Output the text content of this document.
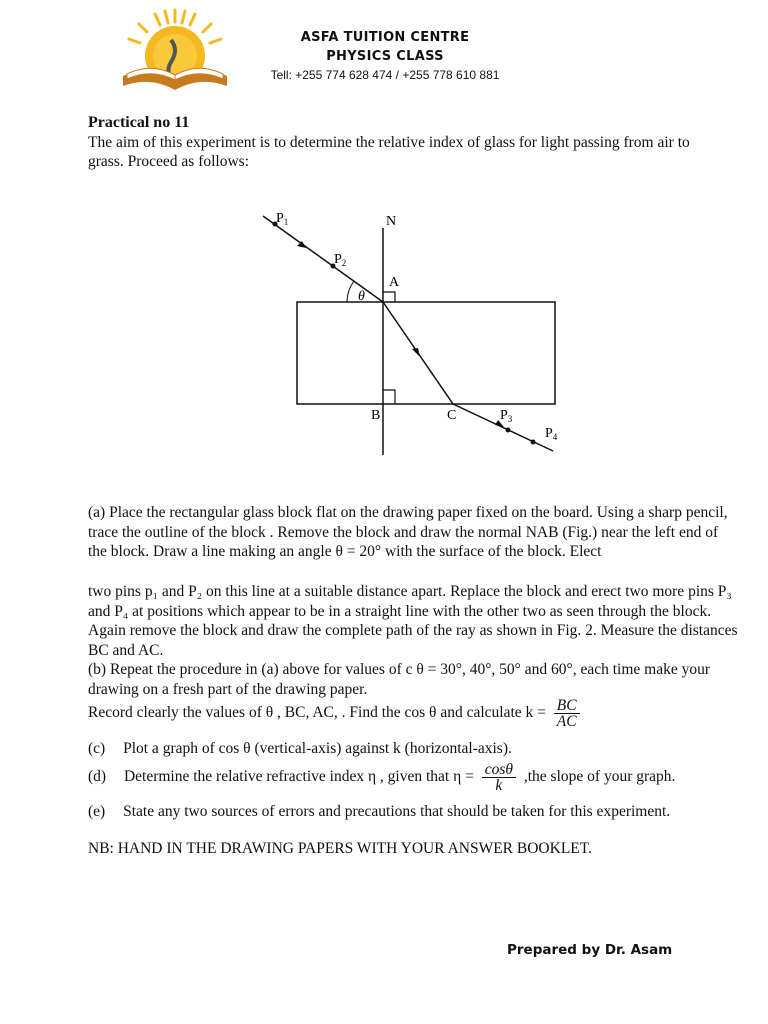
ASFA TUITION CENTRE
PHYSICS CLASS
Tell: +255 774 628 474 / +255 778 610 881
Practical no 11
The aim of this experiment is to determine the relative index of glass for light passing from air to
grass. Proceed as follows:
N
$P_1$
$P_2$
A
θ
B	C	$P_3$
$P_4$
(a) Place the rectangular glass block flat on the drawing paper fixed on the board. Using a sharp pencil, trace the outline of the block . Remove the block and draw the normal NAB (Fig.) near the left end of the block. Draw a line making an angle θ = 20° with the surface of the block. Elect
two pins p₁ and P₂ on this line at a suitable distance apart. Replace the block and erect two more pins P₃ and P₄ at positions which appear to be in a straight line with the other two as seen through the block. Again remove the block and draw the complete path of the ray as shown in Fig. 2. Measure the distances BC and AC.
(b) Repeat the procedure in (a) above for values of c θ = 30°, 40°, 50° and 60°, each time make your drawing on a fresh part of the drawing paper.
Record clearly the values of θ , BC, AC, . Find the cos θ and calculate $k = \frac{BC}{AC}$
(c) Plot a graph of cos θ (vertical-axis) against k (horizontal-axis).
(d) Determine the relative refractive index η , given that $\eta = \frac{\cos\theta}{k} ,the$ slope of your graph.
(e) State any two sources of errors and precautions that should be taken for this experiment.
NB: HAND IN THE DRAWING PAPERS WITH YOUR ANSWER BOOKLET.
Prepared by Dr. Asam
